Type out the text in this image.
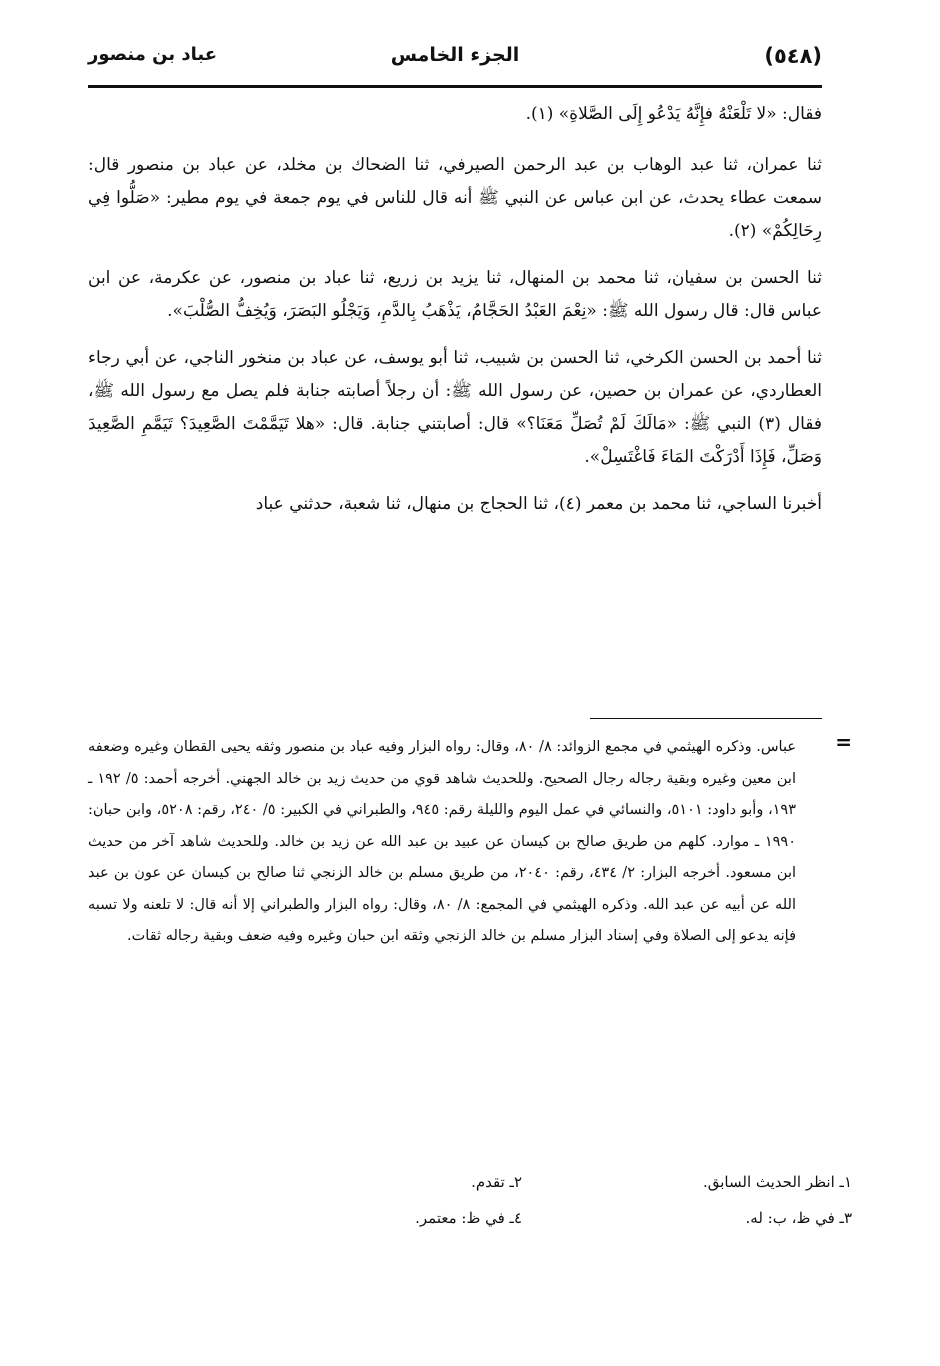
(٥٤٨)
الجزء الخامس
عباد بن منصور

فقال: «لا تَلْعَنْهُ فإِنَّهُ يَدْعُو إِلَى الصَّلاةِ» (١).

ثنا عمران، ثنا عبد الوهاب بن عبد الرحمن الصيرفي، ثنا الضحاك بن مخلد، عن عباد بن منصور قال: سمعت عطاء يحدث، عن ابن عباس عن النبي ﷺ أنه قال للناس في يوم جمعة في يوم مطير: «صَلُّوا فِي رِحَالِكُمْ» (٢).

ثنا الحسن بن سفيان، ثنا محمد بن المنهال، ثنا يزيد بن زريع، ثنا عباد بن منصور، عن عكرمة، عن ابن عباس قال: قال رسول الله ﷺ: «نِعْمَ العَبْدُ الحَجَّامُ، يَذْهَبُ بِالدَّمِ، وَيَجْلُو البَصَرَ، وَيُخِفُّ الصُّلْبَ».

ثنا أحمد بن الحسن الكرخي، ثنا الحسن بن شبيب، ثنا أبو يوسف، عن عباد بن منخور الناجي، عن أبي رجاء العطاردي، عن عمران بن حصين، عن رسول الله ﷺ: أن رجلاً أصابته جنابة فلم يصل مع رسول الله ﷺ، فقال (٣) النبي ﷺ: «مَالَكَ لَمْ تُصَلِّ مَعَنَا؟» قال: أصابتني جنابة. قال: «هلا تَيَمَّمْتَ الصَّعِيدَ؟ تَيَمَّمِ الصَّعِيدَ وَصَلِّ، فَإِذَا أَدْرَكْتَ المَاءَ فَاغْتَسِلْ».

أخبرنا الساجي، ثنا محمد بن معمر (٤)، ثنا الحجاج بن منهال، ثنا شعبة، حدثني عباد

=

عباس. وذكره الهيثمي في مجمع الزوائد: ٨/ ٨٠، وقال: رواه البزار وفيه عباد بن منصور وثقه يحيى القطان وغيره وضعفه ابن معين وغيره وبقية رجاله رجال الصحيح. وللحديث شاهد قوي من حديث زيد بن خالد الجهني. أخرجه أحمد: ٥/ ١٩٢ ـ ١٩٣، وأبو داود: ٥١٠١، والنسائي في عمل اليوم والليلة رقم: ٩٤٥، والطبراني في الكبير: ٥/ ٢٤٠، رقم: ٥٢٠٨، وابن حبان: ١٩٩٠ ـ موارد. كلهم من طريق صالح بن كيسان عن عبيد بن عبد الله عن زيد بن خالد. وللحديث شاهد آخر من حديث ابن مسعود. أخرجه البزار: ٢/ ٤٣٤، رقم: ٢٠٤٠، من طريق مسلم بن خالد الزنجي ثنا صالح بن كيسان عن عون بن عبد الله عن أبيه عن عبد الله. وذكره الهيثمي في المجمع: ٨/ ٨٠، وقال: رواه البزار والطبراني إلا أنه قال: لا تلعنه ولا تسبه فإنه يدعو إلى الصلاة وفي إسناد البزار مسلم بن خالد الزنجي وثقه ابن حبان وغيره وفيه ضعف وبقية رجاله ثقات.

١ـ انظر الحديث السابق.
٢ـ تقدم.
٣ـ في ظ، ب: له.
٤ـ في ظ: معتمر.
